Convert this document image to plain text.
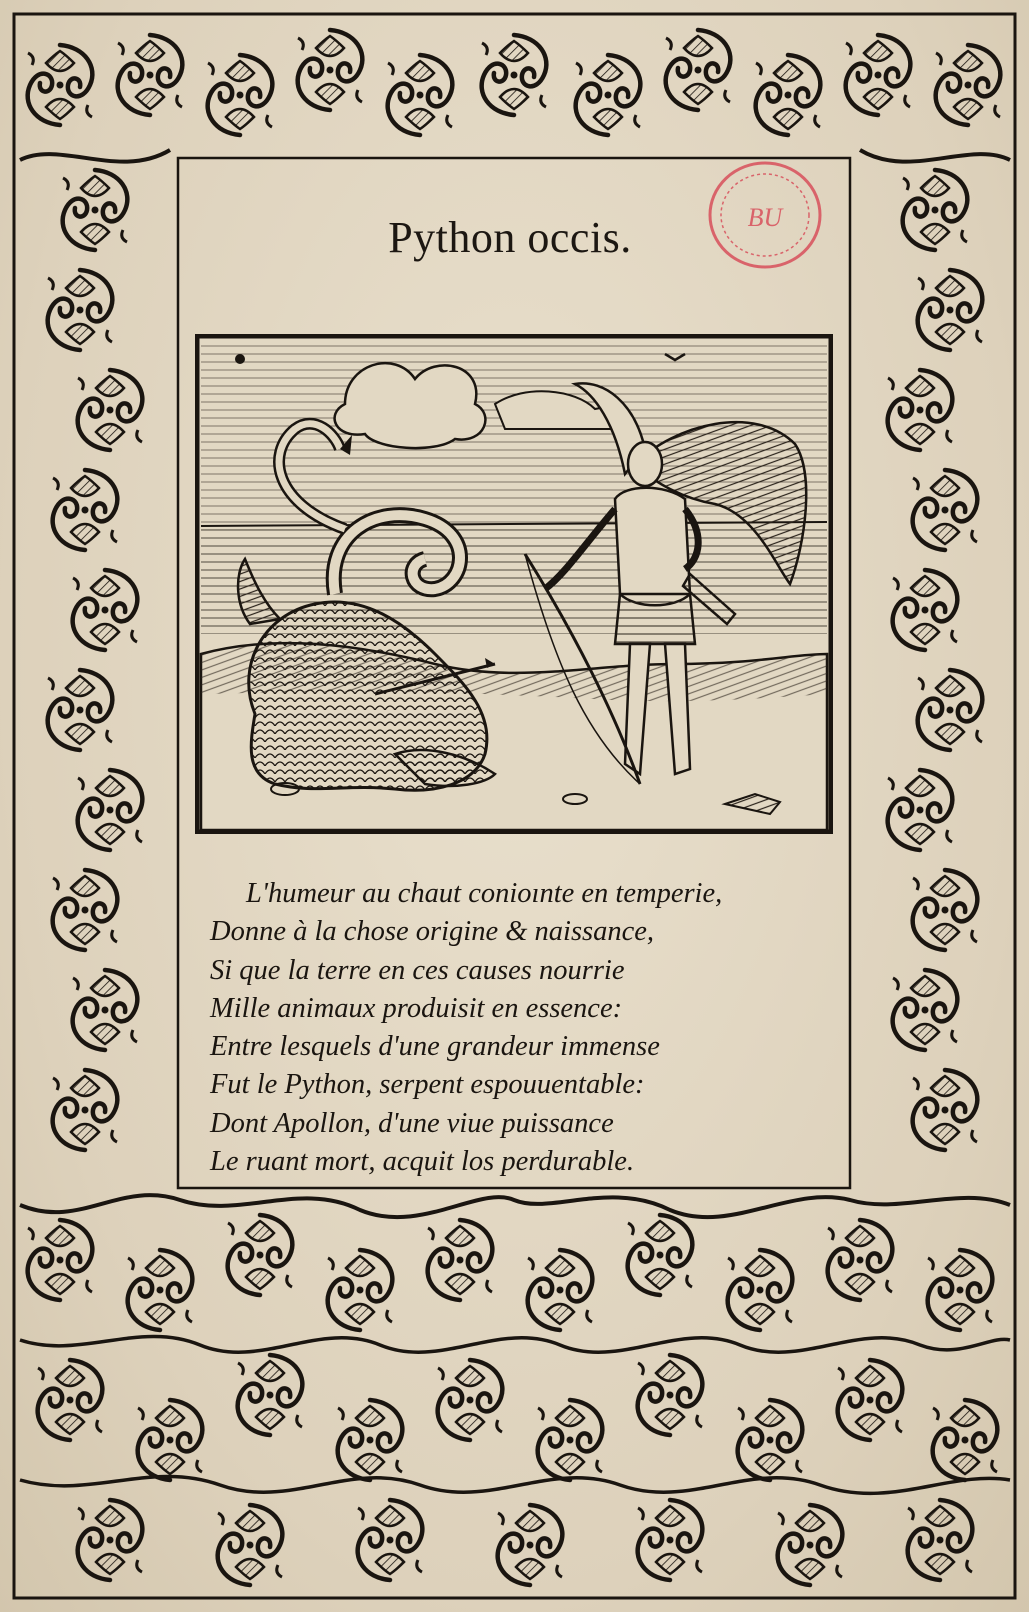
BU
Python occis.
L'humeur au chaut conioınte en temperie,
Donne à la chose origine & naissance,
Si que la terre en ces causes nourrie
Mille animaux produisit en essence:
Entre lesquels d'une grandeur immense
Fut le Python, serpent espouuentable:
Dont Apollon, d'une viue puissance
Le ruant mort, acquit los perdurable.
